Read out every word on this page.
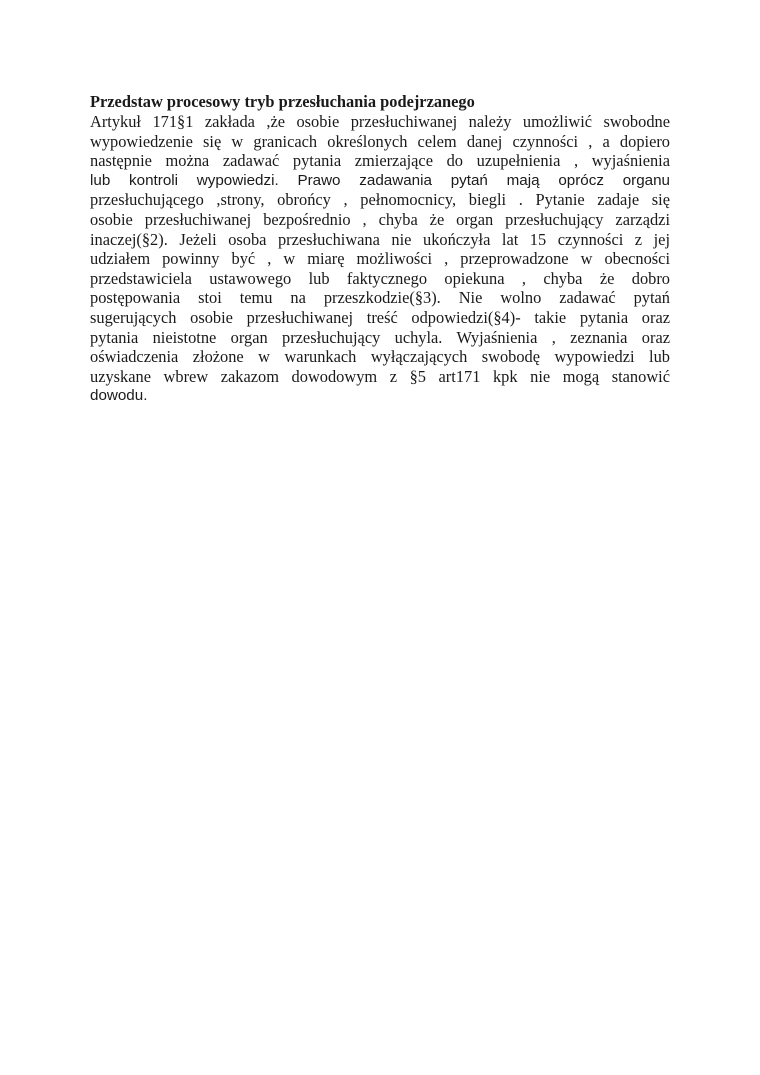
Przedstaw procesowy tryb przesłuchania podejrzanego
Artykuł 171§1 zakłada ,że osobie przesłuchiwanej należy umożliwić swobodne
wypowiedzenie się w granicach określonych celem danej czynności , a dopiero
następnie można zadawać pytania zmierzające do uzupełnienia , wyjaśnienia
lub kontroli wypowiedzi. Prawo zadawania pytań mają oprócz organu
przesłuchującego ,strony, obrońcy , pełnomocnicy, biegli . Pytanie zadaje się
osobie przesłuchiwanej bezpośrednio , chyba że organ przesłuchujący zarządzi
inaczej(§2). Jeżeli osoba przesłuchiwana nie ukończyła lat 15 czynności z jej
udziałem powinny być , w miarę możliwości , przeprowadzone w obecności
przedstawiciela ustawowego lub faktycznego opiekuna , chyba że dobro
postępowania stoi temu na przeszkodzie(§3). Nie wolno zadawać pytań
sugerujących osobie przesłuchiwanej treść odpowiedzi(§4)- takie pytania oraz
pytania nieistotne organ przesłuchujący uchyla. Wyjaśnienia , zeznania oraz
oświadczenia złożone w warunkach wyłączających swobodę wypowiedzi lub
uzyskane wbrew zakazom dowodowym z §5 art171 kpk nie mogą stanowić
dowodu.
